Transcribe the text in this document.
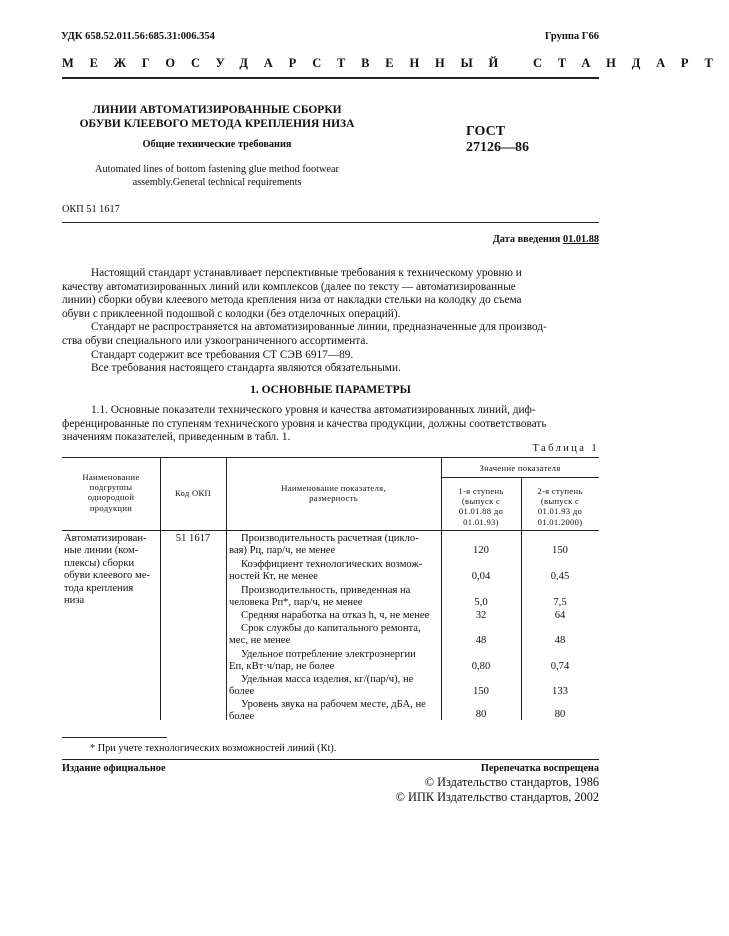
УДК 658.52.011.56:685.31:006.354	Группа Г66
МЕЖГОСУДАРСТВЕННЫЙ СТАНДАРТ
ЛИНИИ АВТОМАТИЗИРОВАННЫЕ СБОРКИ
ОБУВИ КЛЕЕВОГО МЕТОДА КРЕПЛЕНИЯ НИЗА
Общие технические требования
Automated lines of bottom fastening glue method footwear
assembly.General technical requirements
ГОСТ
27126—86
ОКП 51 1617
Дата введения 01.01.88
Настоящий стандарт устанавливает перспективные требования к техническому уровню и
качеству автоматизированных линий или комплексов (далее по тексту — автоматизированные
линии) сборки обуви клеевого метода крепления низа от накладки стельки на колодку до съема
обуви с приклеенной подошвой с колодки (без отделочных операций).
Стандарт не распространяется на автоматизированные линии, предназначенные для производ-
ства обуви специального или узкоограниченного ассортимента.
Стандарт содержит все требования СТ СЭВ 6917—89.
Все требования настоящего стандарта являются обязательными.
1. ОСНОВНЫЕ ПАРАМЕТРЫ
1.1. Основные показатели технического уровня и качества автоматизированных линий, диф-
ференцированные по ступеням технического уровня и качества продукции, должны соответствовать
значениям показателей, приведенным в табл. 1.
Таблица 1
Наименование
подгруппы
однородной
продукции
Код ОКП	Наименование показателя,
размерность
Значение показателя
1-я ступень
(выпуск с
01.01.88 до
01.01.93)
2-я ступень
(выпуск с
01.01.93 до
01.01.2000)
Автоматизирован-
ные линии (ком-
плексы) сборки
обуви клеевого ме-
тода крепления
низа
51 1617	Производительность расчетная (цикло-
вая) Рц, пар/ч, не менее	120	150
Коэффициент технологических возмож-
ностей Кт, не менее	0,04	0,45
Производительность, приведенная на
человека Рп*, пар/ч, не менее	5,0	7,5
Средняя наработка на отказ h, ч, не менее	32	64
Срок службы до капитального ремонта,
мес, не менее	48	48
Удельное потребление электроэнергии
Еп, кВт·ч/пар, не более	0,80	0,74
Удельная масса изделия, кг/(пар/ч), не
более	150	133
Уровень звука на рабочем месте, дБА, не
более	80	80
* При учете технологических возможностей линий (Кt).
Издание официальное	Перепечатка воспрещена
© Издательство стандартов, 1986
© ИПК Издательство стандартов, 2002
